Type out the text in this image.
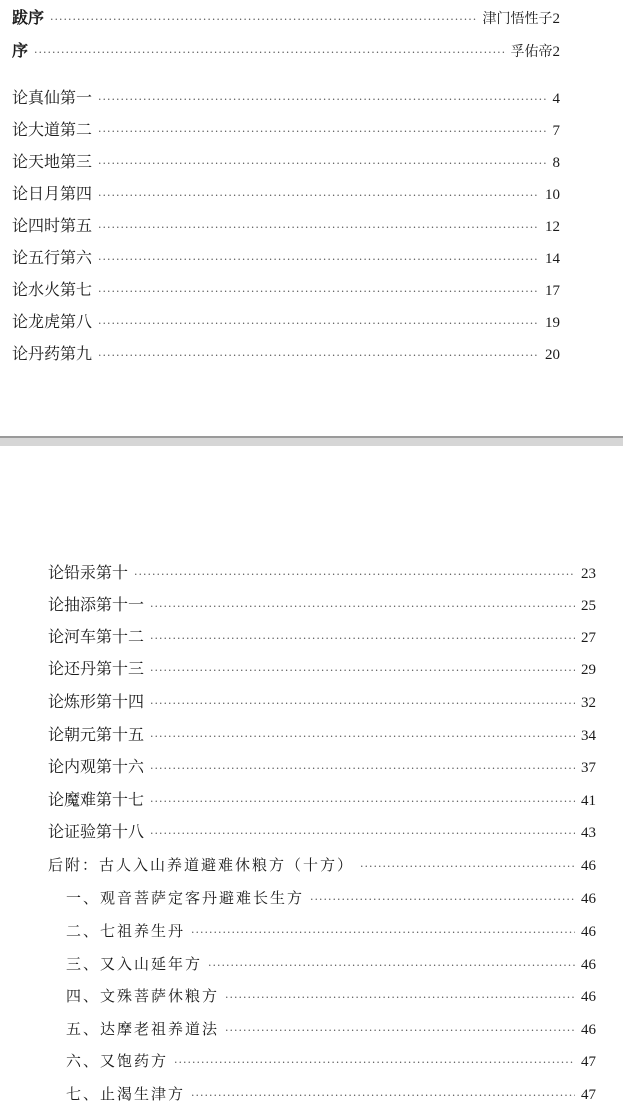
跋序 ·····	津门悟性子 2
序 ·····	孚佑帝 2
论真仙第一 ·····	4
论大道第二 ·····	7
论天地第三 ·····	8
论日月第四 ·····	10
论四时第五 ·····	12
论五行第六 ·····	14
论水火第七 ·····	17
论龙虎第八 ·····	19
论丹药第九 ·····	20
论铅汞第十 ·····	23
论抽添第十一 ·····	25
论河车第十二 ·····	27
论还丹第十三 ·····	29
论炼形第十四 ·····	32
论朝元第十五 ·····	34
论内观第十六 ·····	37
论魔难第十七 ·····	41
论证验第十八 ·····	43
后附：古人入山养道避难休粮方（十方） ·····	46
一、观音菩萨定客丹避难长生方 ·····	46
二、七祖养生丹 ·····	46
三、又入山延年方 ·····	46
四、文殊菩萨休粮方 ·····	46
五、达摩老祖养道法 ·····	46
六、又饱药方 ·····	47
七、止渴生津方 ·····	47
